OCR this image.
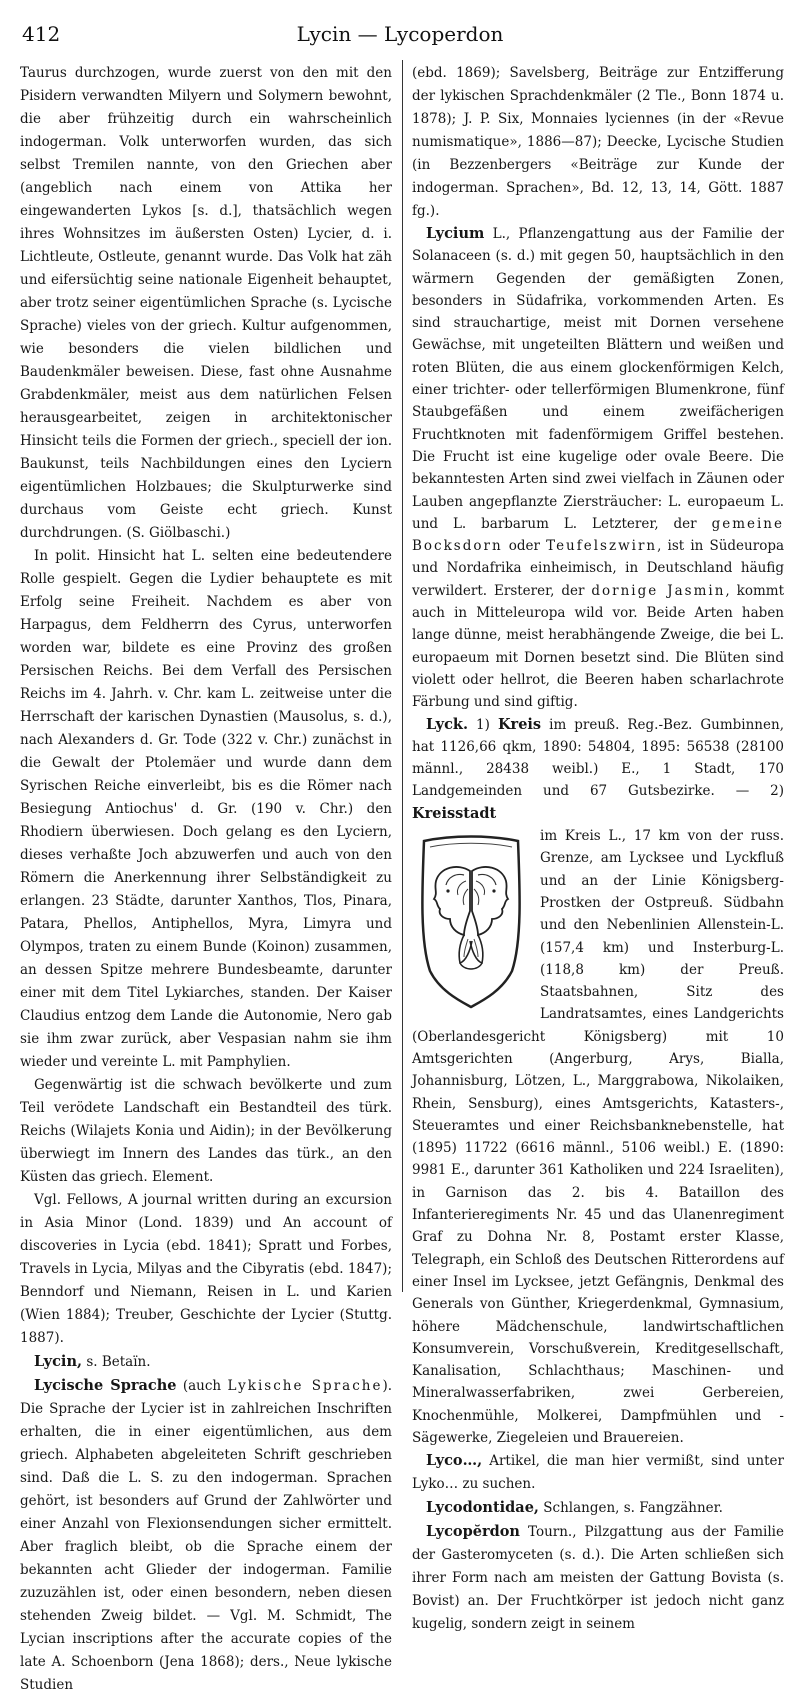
412	Lycin — Lycoperdon

Taurus durchzogen, wurde zuerst von den mit den Pisidern verwandten Milyern und Solymern bewohnt, die aber frühzeitig durch ein wahrscheinlich indogerman. Volk unterworfen wurden, das sich selbst Tremilen nannte, von den Griechen aber (angeblich nach einem von Attika her eingewanderten Lykos [s. d.], thatsächlich wegen ihres Wohnsitzes im äußersten Osten) Lycier, d. i. Lichtleute, Ostleute, genannt wurde. Das Volk hat zäh und eifersüchtig seine nationale Eigenheit behauptet, aber trotz seiner eigentümlichen Sprache (s. Lycische Sprache) vieles von der griech. Kultur aufgenommen, wie besonders die vielen bildlichen und Baudenkmäler beweisen. Diese, fast ohne Ausnahme Grabdenkmäler, meist aus dem natürlichen Felsen herausgearbeitet, zeigen in architektonischer Hinsicht teils die Formen der griech., speciell der ion. Baukunst, teils Nachbildungen eines den Lyciern eigentümlichen Holzbaues; die Skulpturwerke sind durchaus vom Geiste echt griech. Kunst durchdrungen. (S. Giölbaschi.)

In polit. Hinsicht hat L. selten eine bedeutendere Rolle gespielt. Gegen die Lydier behauptete es mit Erfolg seine Freiheit. Nachdem es aber von Harpagus, dem Feldherrn des Cyrus, unterworfen worden war, bildete es eine Provinz des großen Persischen Reichs. Bei dem Verfall des Persischen Reichs im 4. Jahrh. v. Chr. kam L. zeitweise unter die Herrschaft der karischen Dynastien (Mausolus, s. d.), nach Alexanders d. Gr. Tode (322 v. Chr.) zunächst in die Gewalt der Ptolemäer und wurde dann dem Syrischen Reiche einverleibt, bis es die Römer nach Besiegung Antiochus' d. Gr. (190 v. Chr.) den Rhodiern überwiesen. Doch gelang es den Lyciern, dieses verhaßte Joch abzuwerfen und auch von den Römern die Anerkennung ihrer Selbständigkeit zu erlangen. 23 Städte, darunter Xanthos, Tlos, Pinara, Patara, Phellos, Antiphellos, Myra, Limyra und Olympos, traten zu einem Bunde (Koinon) zusammen, an dessen Spitze mehrere Bundesbeamte, darunter einer mit dem Titel Lykiarches, standen. Der Kaiser Claudius entzog dem Lande die Autonomie, Nero gab sie ihm zwar zurück, aber Vespasian nahm sie ihm wieder und vereinte L. mit Pamphylien.

Gegenwärtig ist die schwach bevölkerte und zum Teil verödete Landschaft ein Bestandteil des türk. Reichs (Wilajets Konia und Aidin); in der Bevölkerung überwiegt im Innern des Landes das türk., an den Küsten das griech. Element.

Vgl. Fellows, A journal written during an excursion in Asia Minor (Lond. 1839) und An account of discoveries in Lycia (ebd. 1841); Spratt und Forbes, Travels in Lycia, Milyas and the Cibyratis (ebd. 1847); Benndorf und Niemann, Reisen in L. und Karien (Wien 1884); Treuber, Geschichte der Lycier (Stuttg. 1887).

Lycin, s. Betaïn.

Lycische Sprache (auch Lykische Sprache). Die Sprache der Lycier ist in zahlreichen Inschriften erhalten, die in einer eigentümlichen, aus dem griech. Alphabeten abgeleiteten Schrift geschrieben sind. Daß die L. S. zu den indogerman. Sprachen gehört, ist besonders auf Grund der Zahlwörter und einer Anzahl von Flexionsendungen sicher ermittelt. Aber fraglich bleibt, ob die Sprache einem der bekannten acht Glieder der indogerman. Familie zuzuzählen ist, oder einen besondern, neben diesen stehenden Zweig bildet. — Vgl. M. Schmidt, The Lycian inscriptions after the accurate copies of the late A. Schoenborn (Jena 1868); ders., Neue lykische Studien

(ebd. 1869); Savelsberg, Beiträge zur Entzifferung der lykischen Sprachdenkmäler (2 Tle., Bonn 1874 u. 1878); J. P. Six, Monnaies lyciennes (in der «Revue numismatique», 1886—87); Deecke, Lycische Studien (in Bezzenbergers «Beiträge zur Kunde der indogerman. Sprachen», Bd. 12, 13, 14, Gött. 1887 fg.).

Lycium L., Pflanzengattung aus der Familie der Solanaceen (s. d.) mit gegen 50, hauptsächlich in den wärmern Gegenden der gemäßigten Zonen, besonders in Südafrika, vorkommenden Arten. Es sind strauchartige, meist mit Dornen versehene Gewächse, mit ungeteilten Blättern und weißen und roten Blüten, die aus einem glockenförmigen Kelch, einer trichter- oder tellerförmigen Blumenkrone, fünf Staubgefäßen und einem zweifächerigen Fruchtknoten mit fadenförmigem Griffel bestehen. Die Frucht ist eine kugelige oder ovale Beere. Die bekanntesten Arten sind zwei vielfach in Zäunen oder Lauben angepflanzte Ziersträucher: L. europaeum L. und L. barbarum L. Letzterer, der gemeine Bocksdorn oder Teufelszwirn, ist in Südeuropa und Nordafrika einheimisch, in Deutschland häufig verwildert. Ersterer, der dornige Jasmin, kommt auch in Mitteleuropa wild vor. Beide Arten haben lange dünne, meist herabhängende Zweige, die bei L. europaeum mit Dornen besetzt sind. Die Blüten sind violett oder hellrot, die Beeren haben scharlachrote Färbung und sind giftig.

Lyck. 1) Kreis im preuß. Reg.-Bez. Gumbinnen, hat 1126,66 qkm, 1890: 54804, 1895: 56538 (28100 männl., 28438 weibl.) E., 1 Stadt, 170 Landgemeinden und 67 Gutsbezirke. — 2) Kreisstadt

im Kreis L., 17 km von der russ. Grenze, am Lycksee und Lyckfluß und an der Linie Königsberg-Prostken der Ostpreuß. Südbahn und den Nebenlinien Allenstein-L. (157,4 km) und Insterburg-L. (118,8 km) der Preuß. Staatsbahnen, Sitz des Landratsamtes, eines Landgerichts (Oberlandesgericht Königsberg) mit 10 Amtsgerichten (Angerburg, Arys, Bialla, Johannisburg, Lötzen, L., Marggrabowa, Nikolaiken, Rhein, Sensburg), eines Amtsgerichts, Katasters-, Steueramtes und einer Reichsbanknebenstelle, hat (1895) 11722 (6616 männl., 5106 weibl.) E. (1890: 9981 E., darunter 361 Katholiken und 224 Israeliten), in Garnison das 2. bis 4. Bataillon des Infanterieregiments Nr. 45 und das Ulanenregiment Graf zu Dohna Nr. 8, Postamt erster Klasse, Telegraph, ein Schloß des Deutschen Ritterordens auf einer Insel im Lycksee, jetzt Gefängnis, Denkmal des Generals von Günther, Kriegerdenkmal, Gymnasium, höhere Mädchenschule, landwirtschaftlichen Konsumverein, Vorschußverein, Kreditgesellschaft, Kanalisation, Schlachthaus; Maschinen- und Mineralwasserfabriken, zwei Gerbereien, Knochenmühle, Molkerei, Dampfmühlen und -Sägewerke, Ziegeleien und Brauereien.

Lyco…, Artikel, die man hier vermißt, sind unter Lyko… zu suchen.

Lycodontidae, Schlangen, s. Fangzähner.

Lycopĕrdon Tourn., Pilzgattung aus der Familie der Gasteromyceten (s. d.). Die Arten schließen sich ihrer Form nach am meisten der Gattung Bovista (s. Bovist) an. Der Fruchtkörper ist jedoch nicht ganz kugelig, sondern zeigt in seinem
